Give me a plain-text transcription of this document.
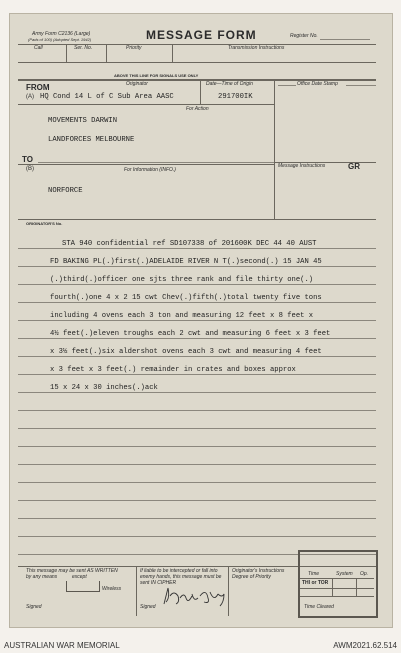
Army Form C2136 (Large)
(Pads of 100) (Adopted Sept. 1942)	MESSAGE FORM	Register No.
Call	Ser. No.	Priority	Transmission Instructions
ABOVE THIS LINE FOR SIGNALS USE ONLY
FROM
(A)
Originator	Date—Time of Origin
HQ Cond 14 L of C Sub Area AASC	291700IK
For Action
MOVEMENTS DARWIN
LANDFORCES MELBOURNE
TO
(B)	For Information (INFO.)
NORFORCE
Office Date Stamp
Message Instructions	GR
ORIGINATOR'S No.
STA 940 confidential ref SD107338 of 201600K DEC 44 40 AUST
FD BAKING PL(.)first(.)ADELAIDE RIVER N T(.)second(.) 15 JAN 45
(.)third(.)officer one sjts three rank and file thirty one(.)
fourth(.)one 4 x 2 15 cwt Chev(.)fifth(.)total twenty five tons
including 4 ovens each 3 ton and measuring 12 feet x 8 feet x
4½ feet(.)eleven troughs each 2 cwt and measuring 6 feet x 3 feet
x 3½ feet(.)six aldershot ovens each 3 cwt and measuring 4 feet
x 3 feet x 3 feet(.) remainder in crates and boxes approx
15 x 24 x 30 inches(.)ack
This message may be sent AS WRITTEN
by any means	except
Wireless
Signed
If liable to be intercepted or fall into
enemy hands, this message must be
sent IN CIPHER
Signed
Originator's Instructions
Degree of Priority	Time	System Op.
THI or TOR
Time Cleared
AUSTRALIAN WAR MEMORIAL	AWM2021.62.514
